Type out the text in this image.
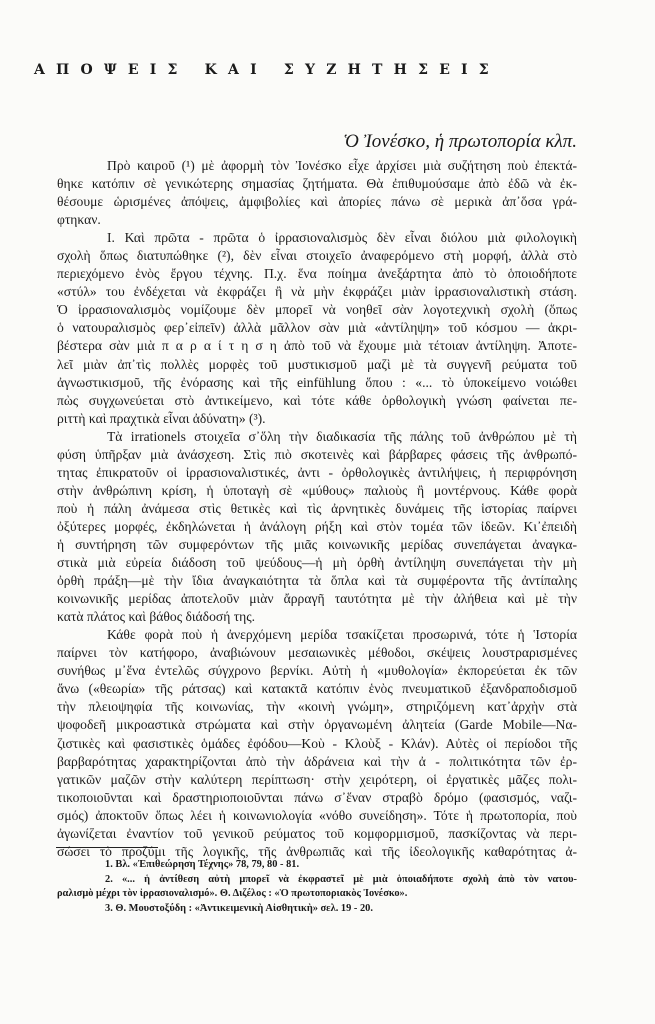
ΑΠΟΨΕΙΣ ΚΑΙ ΣΥΖΗΤΗΣΕΙΣ
Ὁ Ἰονέσκο, ἡ πρωτοπορία κλπ.
Πρὸ καιροῦ (¹) μὲ ἀφορμὴ τὸν Ἰονέσκο εἶχε ἀρχίσει μιὰ συζήτηση ποὺ ἐπεκτά-
θηκε κατόπιν σὲ γενικώτερης σημασίας ζητήματα. Θὰ ἐπιθυμούσαμε ἀπὸ ἐδῶ νὰ ἐκ-
θέσουμε ὡρισμένες ἀπόψεις, ἀμφιβολίες καὶ ἀπορίες πάνω σὲ μερικὰ ἀπ᾽ὅσα γρά-
φτηκαν.
Ι. Καὶ πρῶτα - πρῶτα ὁ ἰρρασιοναλισμὸς δὲν εἶναι διόλου μιὰ φιλολογικὴ
σχολὴ ὅπως διατυπώθηκε (²), δὲν εἶναι στοιχεῖο ἀναφερόμενο στὴ μορφή, ἀλλὰ στὸ
περιεχόμενο ἑνὸς ἔργου τέχνης. Π.χ. ἕνα ποίημα ἀνεξάρτητα ἀπὸ τὸ ὁποιοδήποτε
«στύλ» του ἐνδέχεται νὰ ἐκφράζει ἢ νὰ μὴν ἐκφράζει μιὰν ἰρρασιοναλιστικὴ στάση.
Ὁ ἰρρασιοναλισμὸς νομίζουμε δὲν μπορεῖ νὰ νοηθεῖ σὰν λογοτεχνικὴ σχολὴ (ὅπως
ὁ νατουραλισμὸς φερ᾽εἰπεῖν) ἀλλὰ μᾶλλον σὰν μιὰ «ἀντίληψη» τοῦ κόσμου — ἀκρι-
βέστερα σὰν μιὰ π α ρ α ί τ η σ η ἀπὸ τοῦ νὰ ἔχουμε μιὰ τέτοιαν ἀντίληψη. Ἀποτε-
λεῖ μιὰν ἀπ᾽τὶς πολλὲς μορφὲς τοῦ μυστικισμοῦ μαζὶ μὲ τὰ συγγενῆ ρεύματα τοῦ
ἀγνωστικισμοῦ, τῆς ἐνόρασης καὶ τῆς einfühlung ὅπου : «... τὸ ὑποκείμενο νοιώθει
πὼς συγχωνεύεται στὸ ἀντικείμενο, καὶ τότε κάθε ὀρθολογικὴ γνώση φαίνεται πε-
ριττὴ καὶ πραχτικὰ εἶναι ἀδύνατη» (³).
Τὰ irrationels στοιχεῖα σ᾽ὅλη τὴν διαδικασία τῆς πάλης τοῦ ἀνθρώπου μὲ τὴ
φύση ὑπῆρξαν μιὰ ἀνάσχεση. Στὶς πιὸ σκοτεινὲς καὶ βάρβαρες φάσεις τῆς ἀνθρωπό-
τητας ἐπικρατοῦν οἱ ἰρρασιοναλιστικές, ἀντι - ὀρθολογικὲς ἀντιλήψεις, ἡ περιφρόνηση
στὴν ἀνθρώπινη κρίση, ἡ ὑποταγὴ σὲ «μύθους» παλιοὺς ἢ μοντέρνους. Κάθε φορὰ
ποὺ ἡ πάλη ἀνάμεσα στὶς θετικὲς καὶ τὶς ἀρνητικὲς δυνάμεις τῆς ἱστορίας παίρνει
ὀξύτερες μορφές, ἐκδηλώνεται ἡ ἀνάλογη ρήξη καὶ στὸν τομέα τῶν ἰδεῶν. Κι᾽ἐπειδὴ
ἡ συντήρηση τῶν συμφερόντων τῆς μιᾶς κοινωνικῆς μερίδας συνεπάγεται ἀναγκα-
στικὰ μιὰ εὐρεία διάδοση τοῦ ψεύδους—ἡ μὴ ὀρθὴ ἀντίληψη συνεπάγεται τὴν μὴ
ὀρθὴ πράξη—μὲ τὴν ἴδια ἀναγκαιότητα τὰ ὅπλα καὶ τὰ συμφέροντα τῆς ἀντίπαλης
κοινωνικῆς μερίδας ἀποτελοῦν μιὰν ἄρραγῆ ταυτότητα μὲ τὴν ἀλήθεια καὶ μὲ τὴν
κατὰ πλάτος καὶ βάθος διάδοσή της.
Κάθε φορὰ ποὺ ἡ ἀνερχόμενη μερίδα τσακίζεται προσωρινά, τότε ἡ Ἱστορία
παίρνει τὸν κατήφορο, ἀναβιώνουν μεσαιωνικὲς μέθοδοι, σκέψεις λουστραρισμένες
συνήθως μ᾽ἕνα ἐντελῶς σύγχρονο βερνίκι. Αὐτὴ ἡ «μυθολογία» ἐκπορεύεται ἐκ τῶν
ἄνω («θεωρία» τῆς ράτσας) καὶ κατακτᾶ κατόπιν ἑνὸς πνευματικοῦ ἐξανδραποδισμοῦ
τὴν πλειοψηφία τῆς κοινωνίας, τὴν «κοινὴ γνώμη», στηριζόμενη κατ᾽ἀρχὴν στὰ
ψοφοδεῆ μικροαστικὰ στρώματα καὶ στὴν ὀργανωμένη ἀλητεία (Garde Mobile—Να-
ζιστικὲς καὶ φασιστικὲς ὁμάδες ἐφόδου—Κοὺ - Κλοὺξ - Κλάν). Αὐτὲς οἱ περίοδοι τῆς
βαρβαρότητας χαρακτηρίζονται ἀπὸ τὴν ἀδράνεια καὶ τὴν ἀ - πολιτικότητα τῶν ἐρ-
γατικῶν μαζῶν στὴν καλύτερη περίπτωση· στὴν χειρότερη, οἱ ἐργατικὲς μᾶζες πολι-
τικοποιοῦνται καὶ δραστηριοποιοῦνται πάνω σ᾽ἕναν στραβὸ δρόμο (φασισμός, ναζι-
σμός) ἀποκτοῦν ὅπως λέει ἡ κοινωνιολογία «νόθο συνείδηση». Τότε ἡ πρωτοπορία, ποὺ
ἀγωνίζεται ἐναντίον τοῦ γενικοῦ ρεύματος τοῦ κομφορμισμοῦ, πασκίζοντας νὰ περι-
σώσει τὸ προζύμι τῆς λογικῆς, τῆς ἀνθρωπιᾶς καὶ τῆς ἰδεολογικῆς καθαρότητας ἀ-
1. Βλ. «Ἐπιθεώρηση Τέχνης» 78, 79, 80 - 81.
2. «... ἡ ἀντίθεση αὐτὴ μπορεῖ νὰ ἐκφραστεῖ μὲ μιὰ ὁποιαδήποτε σχολὴ ἀπὸ τὸν νατου-
ραλισμὸ μέχρι τὸν ἰρρασιοναλισμό». Θ. Διζέλος : «Ὁ πρωτοποριακὸς Ἰονέσκο».
3. Θ. Μουστοξύδη : «Ἀντικειμενικὴ Αἰσθητικὴ» σελ. 19 - 20.
